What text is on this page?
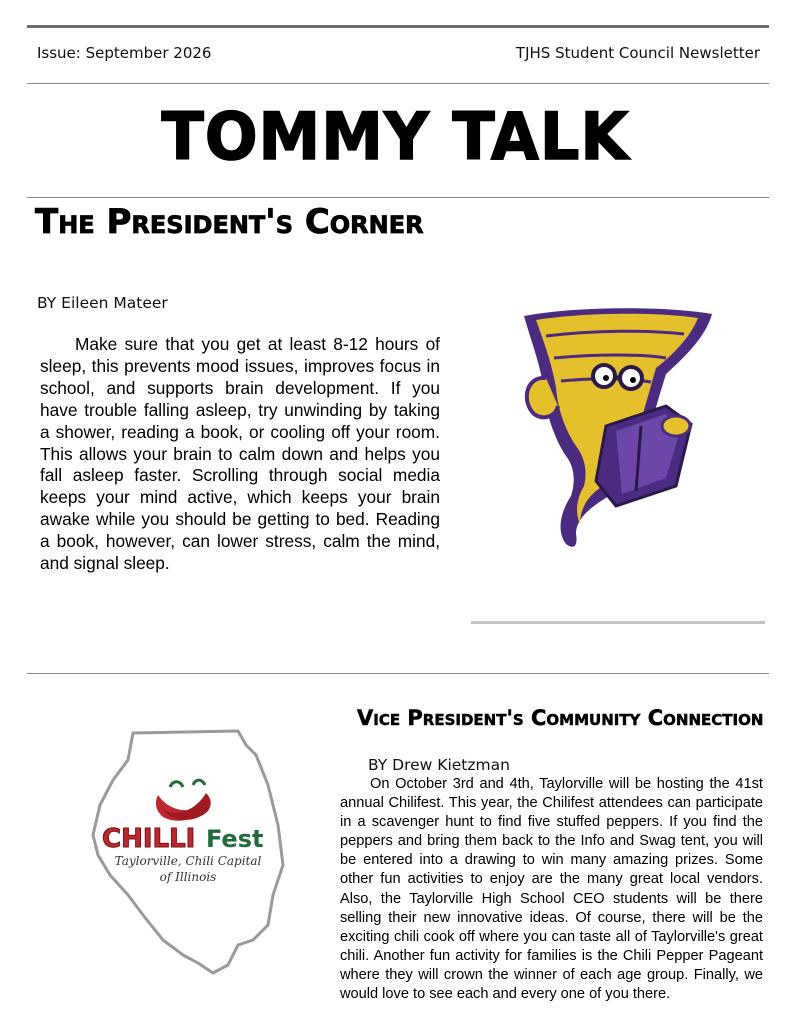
Issue: September 2026	TJHS Student Council Newsletter
TOMMY TALK
The President's Corner
BY Eileen Mateer
Make sure that you get at least 8-12 hours of sleep, this prevents mood issues, improves focus in school, and supports brain development. If you have trouble falling asleep, try unwinding by taking a shower, reading a book, or cooling off your room. This allows your brain to calm down and helps you fall asleep faster. Scrolling through social media keeps your mind active, which keeps your brain awake while you should be getting to bed. Reading a book, however, can lower stress, calm the mind, and signal sleep.
CHILLI Fest
Taylorville, Chili Capital
of Illinois
Vice President's Community Connection
BY Drew Kietzman
On October 3rd and 4th, Taylorville will be hosting the 41st annual Chilifest. This year, the Chilifest attendees can participate in a scavenger hunt to find five stuffed peppers. If you find the peppers and bring them back to the Info and Swag tent, you will be entered into a drawing to win many amazing prizes. Some other fun activities to enjoy are the many great local vendors. Also, the Taylorville High School CEO students will be there selling their new innovative ideas. Of course, there will be the exciting chili cook off where you can taste all of Taylorville's great chili. Another fun activity for families is the Chili Pepper Pageant where they will crown the winner of each age group. Finally, we would love to see each and every one of you there.
